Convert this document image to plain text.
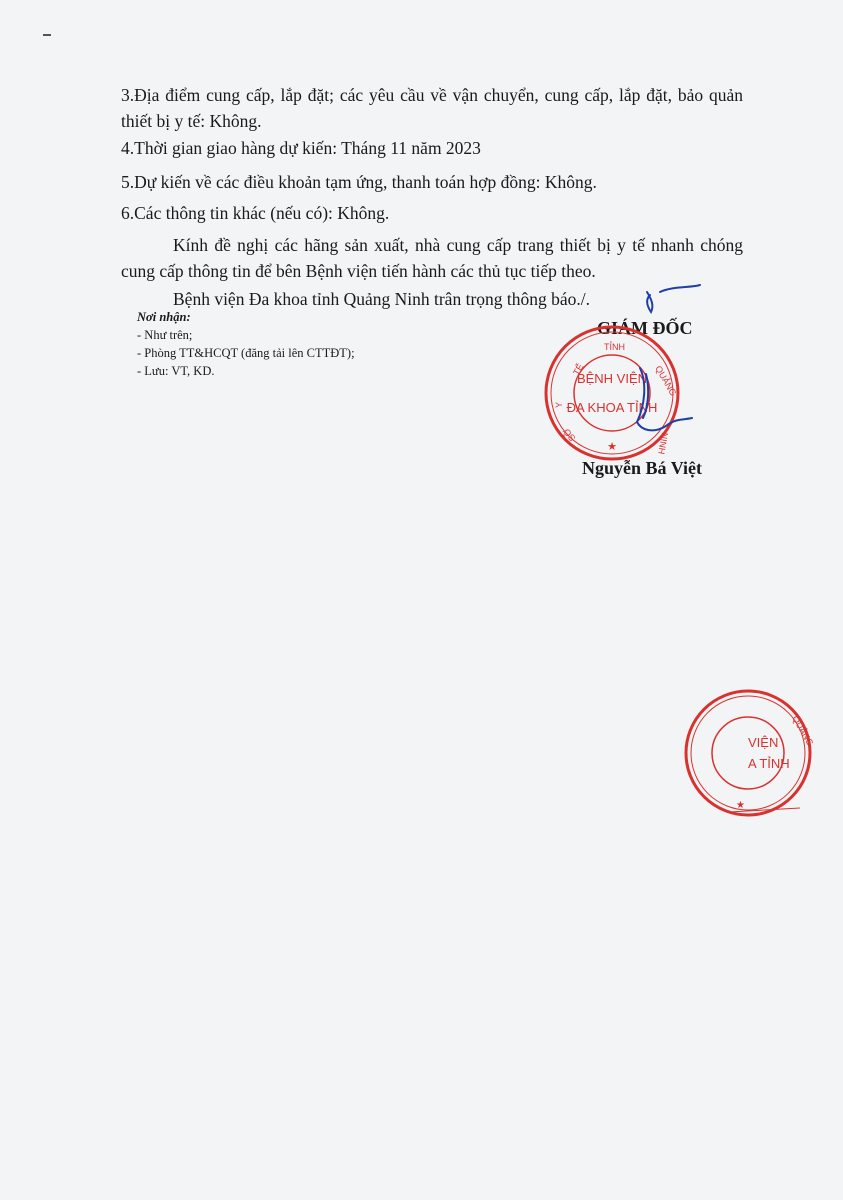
3.Địa điểm cung cấp, lắp đặt; các yêu cầu về vận chuyển, cung cấp, lắp đặt, bảo quản thiết bị y tế: Không.
4.Thời gian giao hàng dự kiến: Tháng 11 năm 2023
5.Dự kiến về các điều khoản tạm ứng, thanh toán hợp đồng: Không.
6.Các thông tin khác (nếu có): Không.
Kính đề nghị các hãng sản xuất, nhà cung cấp trang thiết bị y tế nhanh chóng cung cấp thông tin để bên Bệnh viện tiến hành các thủ tục tiếp theo.
Bệnh viện Đa khoa tỉnh Quảng Ninh trân trọng thông báo./.
Nơi nhận:
- Như trên;
- Phòng TT&HCQT (đăng tải lên CTTĐT);
- Lưu: VT, KD.
GIÁM ĐỐC
BỆNH VIỆN
ĐA KHOA TỈNH
★
TẾ
TỈNH
QUẢNG
Y
NINH
SỞ
Nguyễn Bá Việt
VIỆN
A TỈNH
★
QUẢNG
